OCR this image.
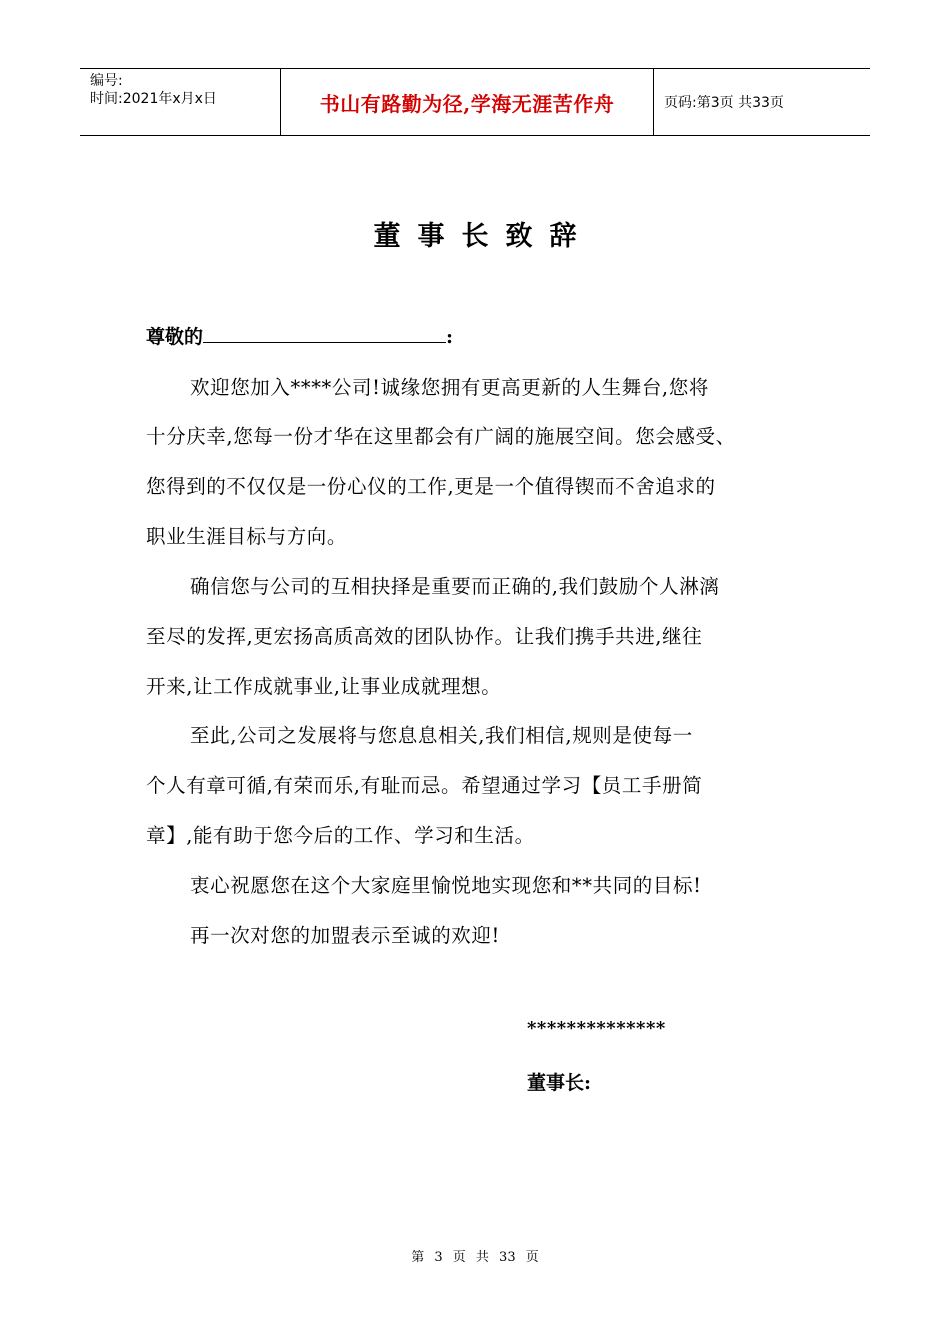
编号:
时间:2021年x月x日	书山有路勤为径,学海无涯苦作舟	页码:第3页 共33页
董事长致辞
尊敬的	:
欢迎您加入****公司!诚缘您拥有更高更新的人生舞台,您将
十分庆幸,您每一份才华在这里都会有广阔的施展空间。您会感受、
您得到的不仅仅是一份心仪的工作,更是一个值得锲而不舍追求的
职业生涯目标与方向。
确信您与公司的互相抉择是重要而正确的,我们鼓励个人淋漓
至尽的发挥,更宏扬高质高效的团队协作。让我们携手共进,继往
开来,让工作成就事业,让事业成就理想。
至此,公司之发展将与您息息相关,我们相信,规则是使每一
个人有章可循,有荣而乐,有耻而忌。希望通过学习【员工手册简
章】,能有助于您今后的工作、学习和生活。
衷心祝愿您在这个大家庭里愉悦地实现您和**共同的目标!
再一次对您的加盟表示至诚的欢迎!
**************
董事长:
第 3 页 共 33 页
